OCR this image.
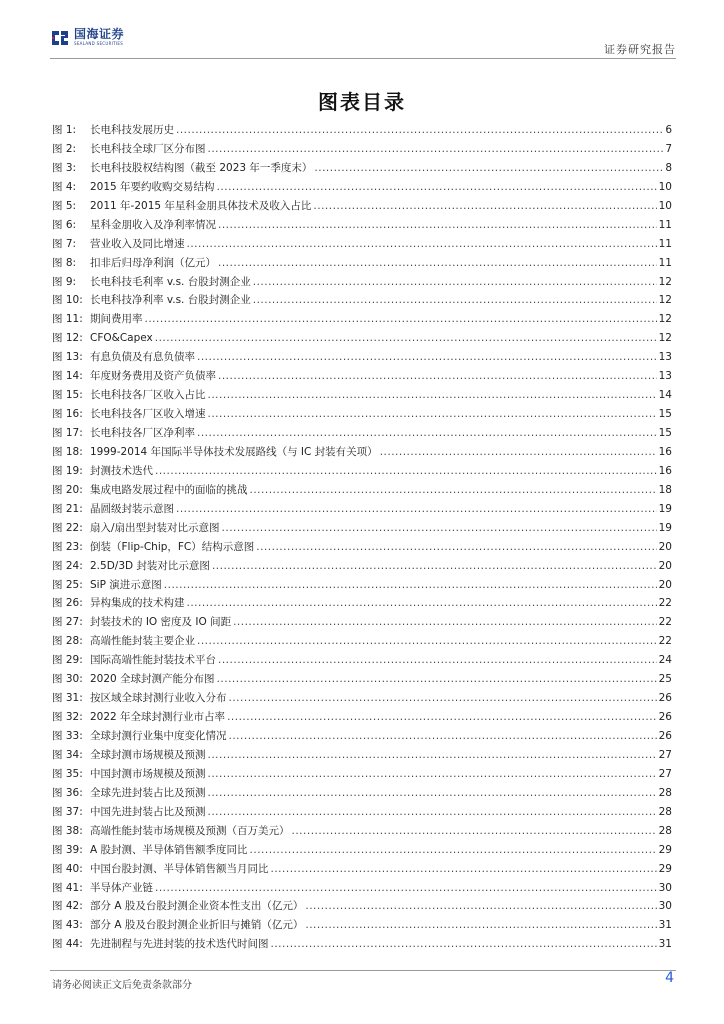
国海证券
SEALAND SECURITIES	证券研究报告
图表目录
图 1:	长电科技发展历史 .....	6
图 2:	长电科技全球厂区分布图 .....	7
图 3:	长电科技股权结构图（截至 2023 年一季度末） .....	8
图 4:	2015 年要约收购交易结构 .....	10
图 5:	2011 年-2015 年星科金朋具体技术及收入占比 .....	10
图 6:	星科金朋收入及净利率情况 .....	11
图 7:	营业收入及同比增速 .....	11
图 8:	扣非后归母净利润（亿元） .....	11
图 9:	长电科技毛利率 v.s. 台股封测企业 .....	12
图 10: 长电科技净利率 v.s. 台股封测企业 .....	12
图 11: 期间费用率 .....	12
图 12: CFO&Capex .....	12
图 13: 有息负债及有息负债率 .....	13
图 14: 年度财务费用及资产负债率 .....	13
图 15: 长电科技各厂区收入占比 .....	14
图 16: 长电科技各厂区收入增速 .....	15
图 17: 长电科技各厂区净利率 .....	15
图 18: 1999-2014 年国际半导体技术发展路线（与 IC 封装有关项） .....	16
图 19: 封测技术迭代 .....	16
图 20: 集成电路发展过程中的面临的挑战 .....	18
图 21: 晶圆级封装示意图 .....	19
图 22: 扇入/扇出型封装对比示意图 .....	19
图 23: 倒装（Flip-Chip，FC）结构示意图 .....	20
图 24: 2.5D/3D 封装对比示意图 .....	20
图 25: SiP 演进示意图 .....	20
图 26: 异构集成的技术构建 .....	22
图 27: 封装技术的 IO 密度及 IO 间距 .....	22
图 28: 高端性能封装主要企业 .....	22
图 29: 国际高端性能封装技术平台 .....	24
图 30: 2020 全球封测产能分布图 .....	25
图 31: 按区域全球封测行业收入分布 .....	26
图 32: 2022 年全球封测行业市占率 .....	26
图 33: 全球封测行业集中度变化情况 .....	26
图 34: 全球封测市场规模及预测 .....	27
图 35: 中国封测市场规模及预测 .....	27
图 36: 全球先进封装占比及预测 .....	28
图 37: 中国先进封装占比及预测 .....	28
图 38: 高端性能封装市场规模及预测（百万美元） .....	28
图 39: A 股封测、半导体销售额季度同比 .....	29
图 40: 中国台股封测、半导体销售额当月同比 .....	29
图 41: 半导体产业链 .....	30
图 42: 部分 A 股及台股封测企业资本性支出（亿元） .....	30
图 43: 部分 A 股及台股封测企业折旧与摊销（亿元） .....	31
图 44: 先进制程与先进封装的技术迭代时间图 .....	31
请务必阅读正文后免责条款部分	4
